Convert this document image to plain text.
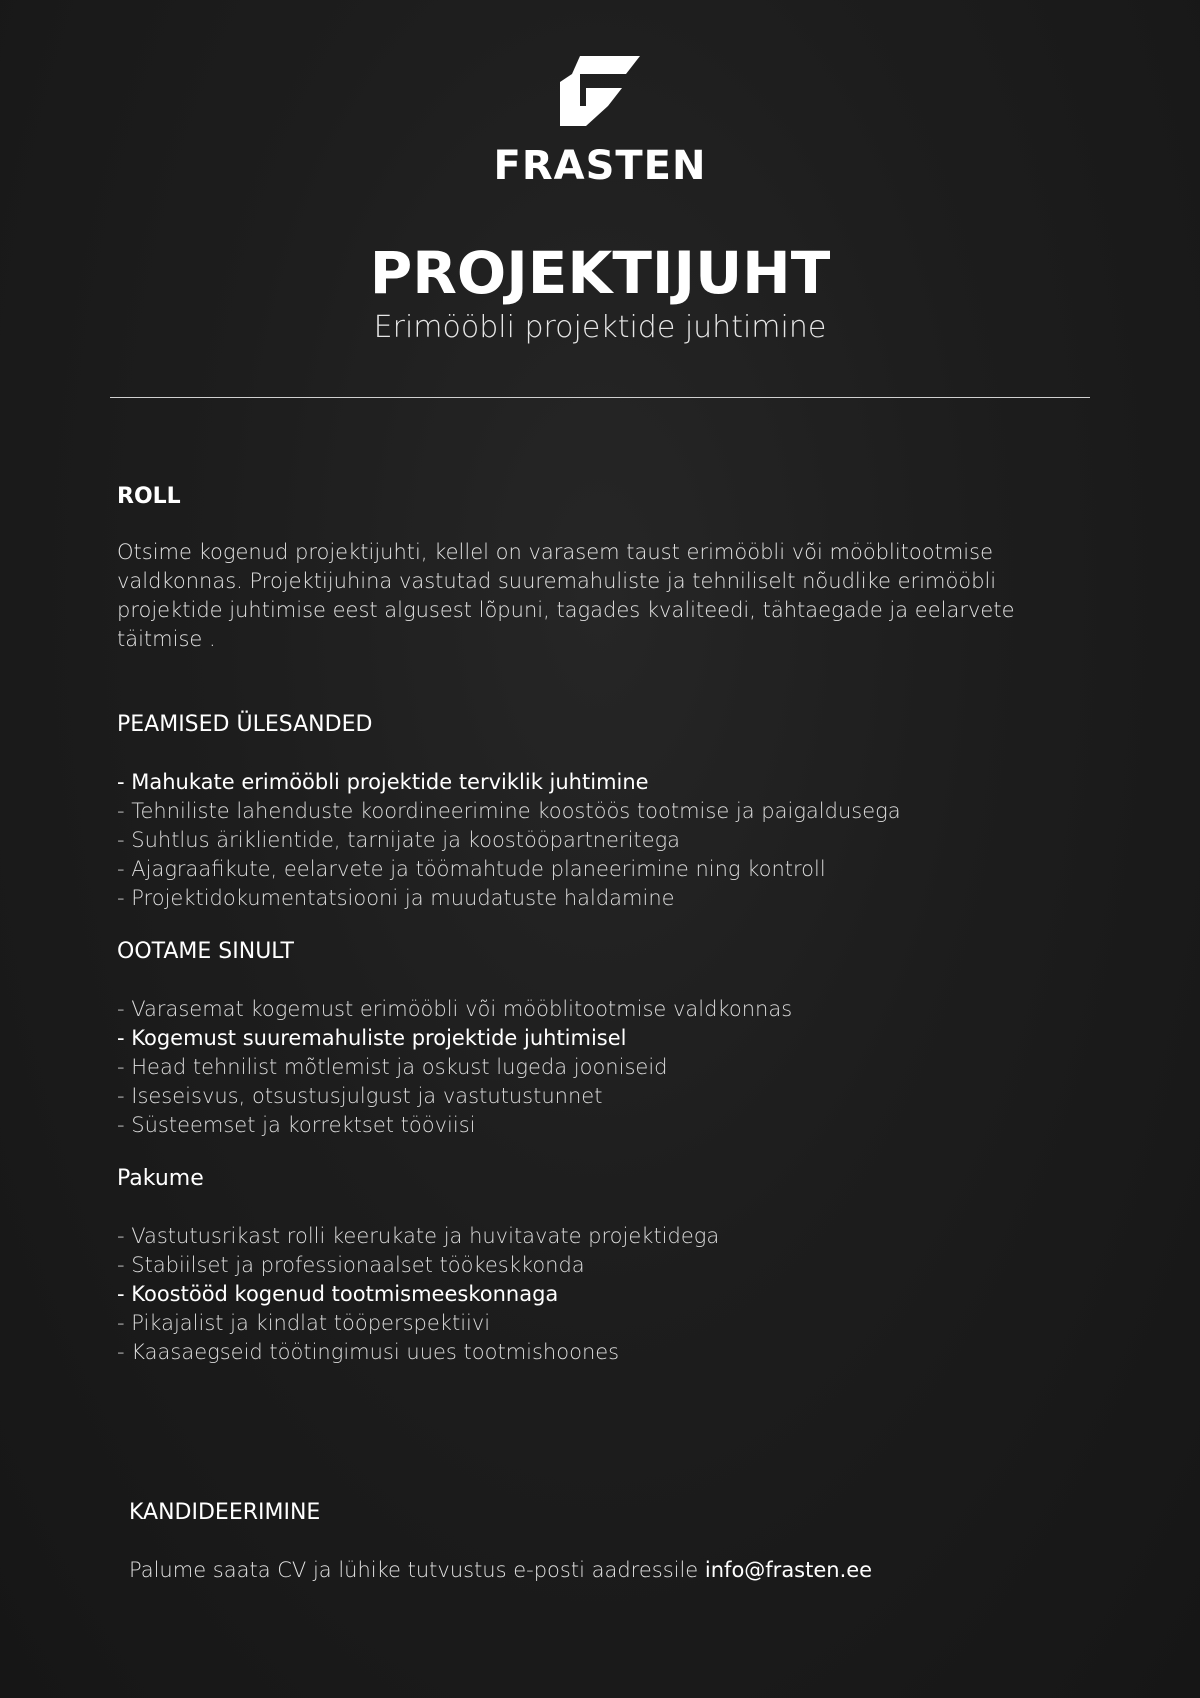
FRASTEN
PROJEKTIJUHT
Erimööbli projektide juhtimine
ROLL

Otsime kogenud projektijuhti, kellel on varasem taust erimööbli või mööblitootmise valdkonnas. Projektijuhina vastutad suuremahuliste ja tehniliselt nõudlike erimööbli projektide juhtimise eest algusest lõpuni, tagades kvaliteedi, tähtaegade ja eelarvete täitmise .

PEAMISED ÜLESANDED
- Mahukate erimööbli projektide terviklik juhtimine
- Tehniliste lahenduste koordineerimine koostöös tootmise ja paigaldusega
- Suhtlus äriklientide, tarnijate ja koostööpartneritega
- Ajagraafikute, eelarvete ja töömahtude planeerimine ning kontroll
- Projektidokumentatsiooni ja muudatuste haldamine
OOTAME SINULT
- Varasemat kogemust erimööbli või mööblitootmise valdkonnas
- Kogemust suuremahuliste projektide juhtimisel
- Head tehnilist mõtlemist ja oskust lugeda jooniseid
- Iseseisvus, otsustusjulgust ja vastutustunnet
- Süsteemset ja korrektset tööviisi
Pakume
- Vastutusrikast rolli keerukate ja huvitavate projektidega
- Stabiilset ja professionaalset töökeskkonda
- Koostööd kogenud tootmismeeskonnaga
- Pikajalist ja kindlat tööperspektiivi
- Kaasaegseid töötingimusi uues tootmishoones
KANDIDEERIMINE

Palume saata CV ja lühike tutvustus e-posti aadressile info@frasten.ee
